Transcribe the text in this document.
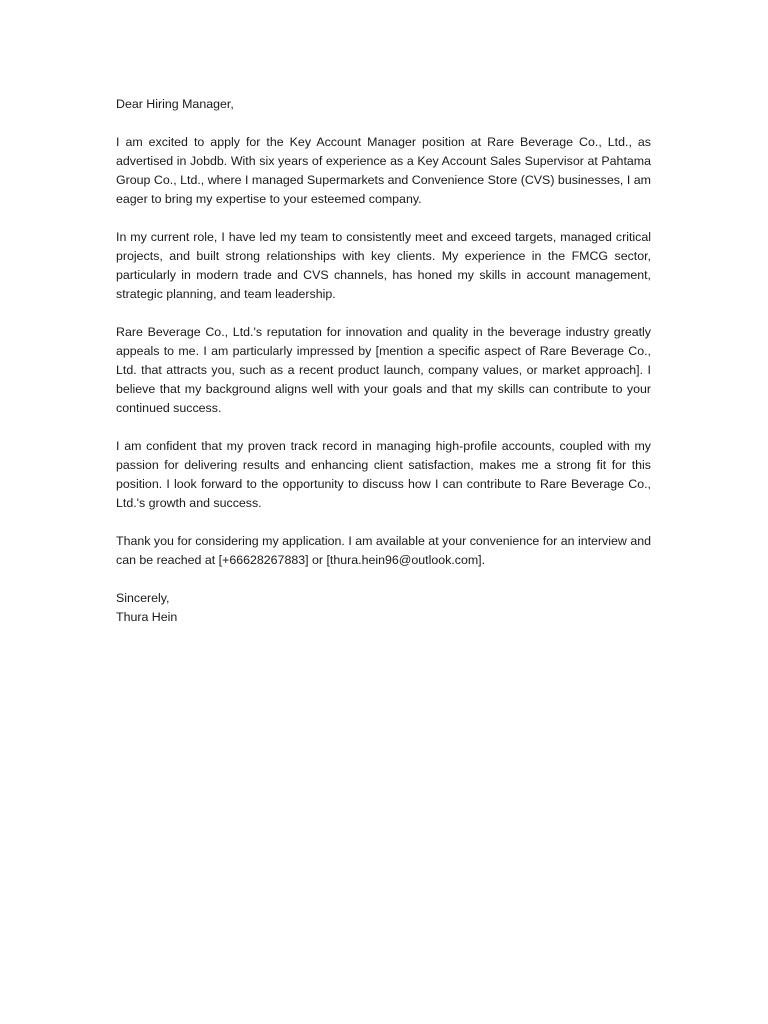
Dear Hiring Manager,

I am excited to apply for the Key Account Manager position at Rare Beverage Co., Ltd., as advertised in Jobdb. With six years of experience as a Key Account Sales Supervisor at Pahtama Group Co., Ltd., where I managed Supermarkets and Convenience Store (CVS) businesses, I am eager to bring my expertise to your esteemed company.

In my current role, I have led my team to consistently meet and exceed targets, managed critical projects, and built strong relationships with key clients. My experience in the FMCG sector, particularly in modern trade and CVS channels, has honed my skills in account management, strategic planning, and team leadership.

Rare Beverage Co., Ltd.'s reputation for innovation and quality in the beverage industry greatly appeals to me. I am particularly impressed by [mention a specific aspect of Rare Beverage Co., Ltd. that attracts you, such as a recent product launch, company values, or market approach]. I believe that my background aligns well with your goals and that my skills can contribute to your continued success.

I am confident that my proven track record in managing high-profile accounts, coupled with my passion for delivering results and enhancing client satisfaction, makes me a strong fit for this position. I look forward to the opportunity to discuss how I can contribute to Rare Beverage Co., Ltd.'s growth and success.

Thank you for considering my application. I am available at your convenience for an interview and can be reached at [+66628267883] or [thura.hein96@outlook.com].

Sincerely,

Thura Hein
